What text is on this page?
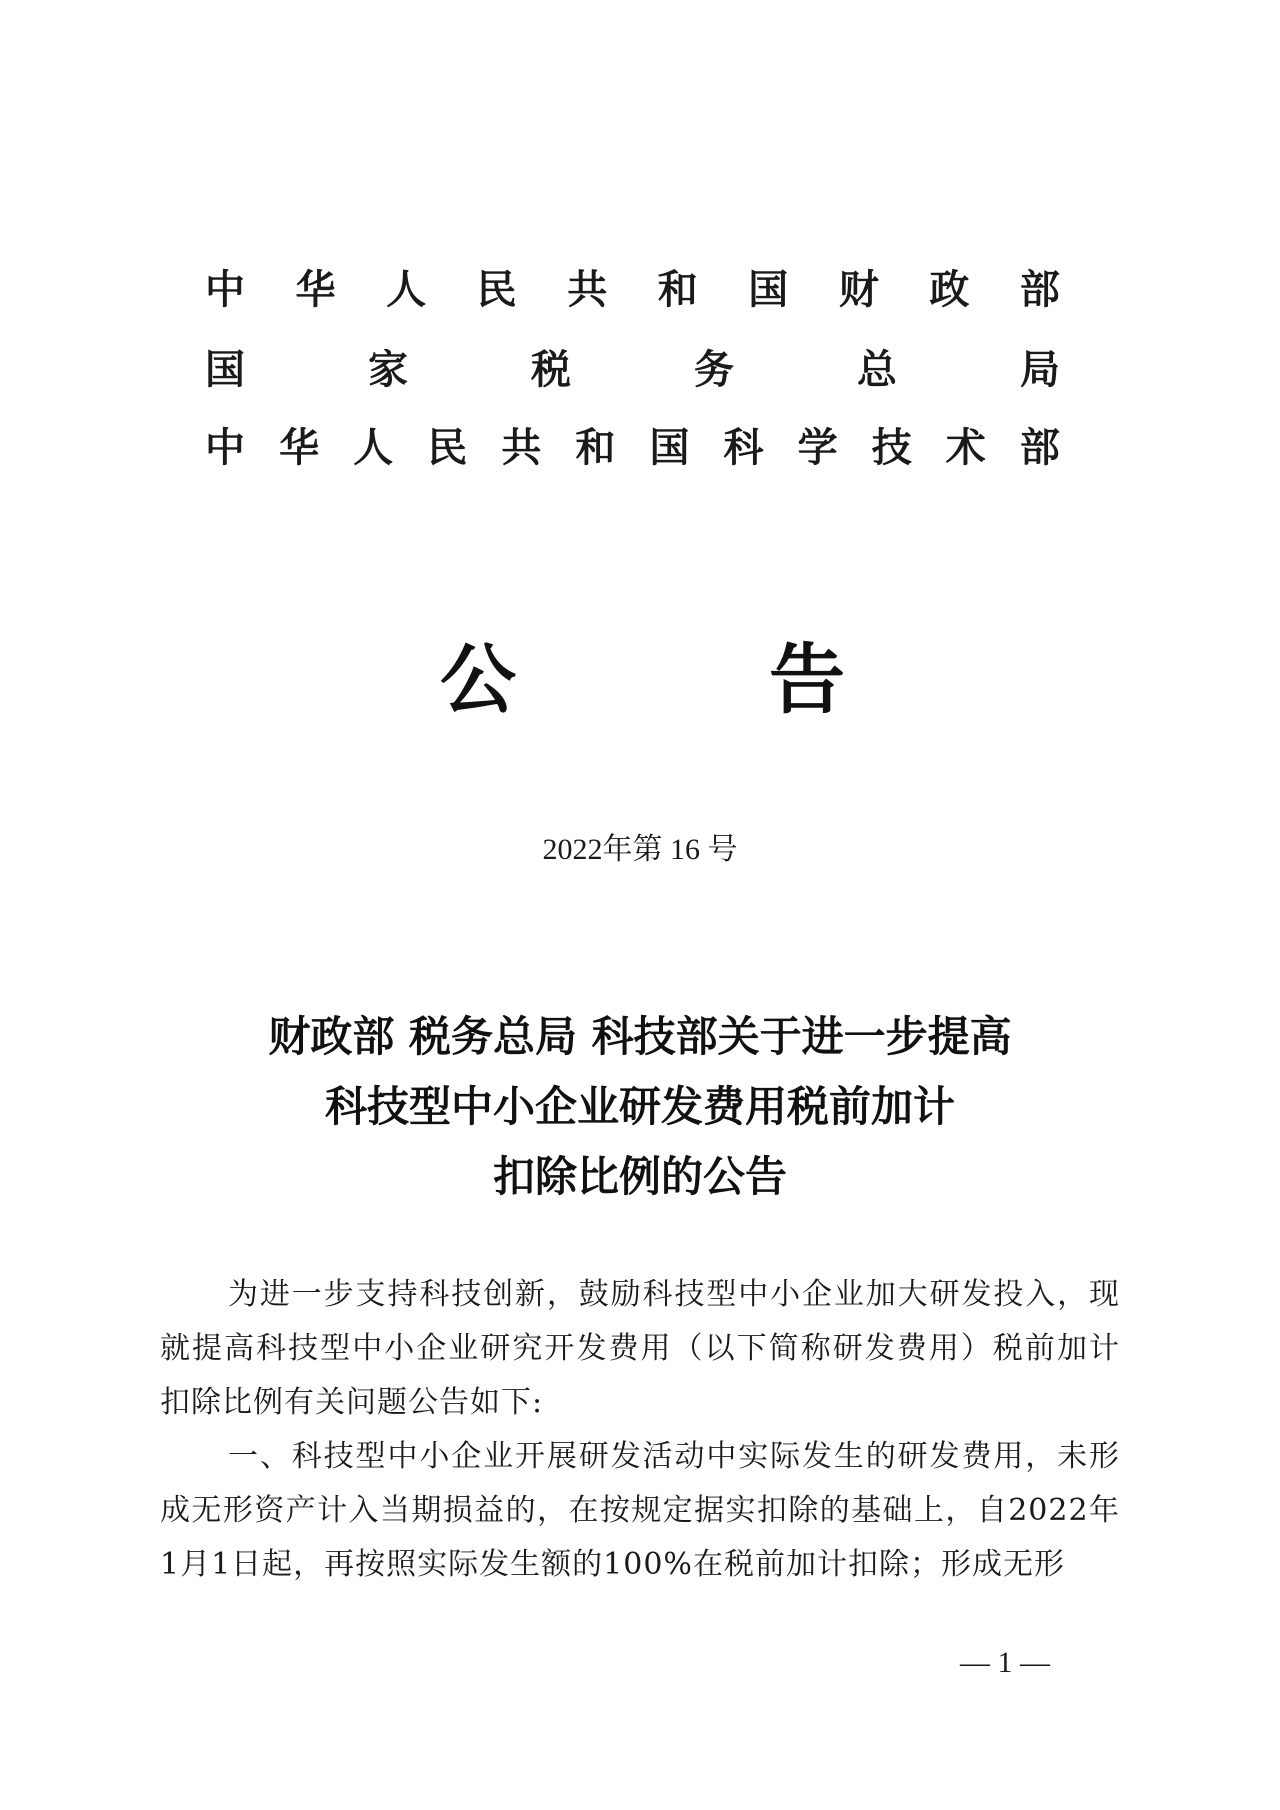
中 华 人 民 共 和 国 财 政 部
国	家	税	务	总	局
中 华 人 民 共 和 国 科 学 技 术 部
公	告
2022年第 16 号
财政部 税务总局 科技部关于进一步提高
科技型中小企业研发费用税前加计
扣除比例的公告

为进一步支持科技创新，鼓励科技型中小企业加大研发投入，现就提高科技型中小企业研究开发费用（以下简称研发费用）税前加计扣除比例有关问题公告如下:

一、科技型中小企业开展研发活动中实际发生的研发费用，未形成无形资产计入当期损益的，在按规定据实扣除的基础上，自2022年1月1日起，再按照实际发生额的100%在税前加计扣除；形成无形

— 1 —
